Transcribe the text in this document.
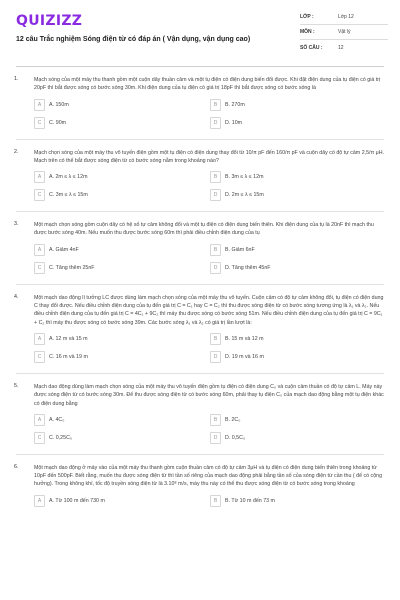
QUIZIZZ
12 câu Trắc nghiệm Sóng điện từ có đáp án ( Vận dụng, vận dụng cao)
LỚP :	Lớp 12
MÔN :	Vật lý
SỐ CÂU :	12
1.	Mạch sóng của một máy thu thanh gồm một cuộn dây thuần cảm và một tụ điện có điện dung biến đổi được. Khi đặt điện dung của tụ điện có giá trị 20pF thì bắt được sóng có bước sóng 30m. Khi điện dung của tụ điện có giá trị 18pF thì bắt được sóng có bước sóng là
A	A. 150m	B	B. 270m
C	C. 90m	D	D. 10m
2.	Mạch chọn sóng của một máy thu vô tuyến điện gồm một tụ điện có điện dung thay đổi từ 10/π pF đến 160/π pF và cuộn dây có độ tự cảm 2,5/π μH. Mạch trên có thể bắt được sóng điện từ có bước sóng nằm trong khoảng nào?
A	A. 2m ≤ λ ≤ 12m	B	B. 3m ≤ λ ≤ 12m
C	C. 3m ≤ λ ≤ 15m	D	D. 2m ≤ λ ≤ 15m
3.	Một mạch chọn sóng gồm cuộn dây có hệ số tự cảm không đổi và một tụ điện có điện dung biến thiên. Khi điện dung của tụ là 20nF thì mạch thu được bước sóng 40m. Nếu muốn thu được bước sóng 60m thì phải điều chỉnh điện dung của tụ
A	A. Giảm 4nF	B	B. Giảm 6nF
C	C. Tăng thêm 25nF	D	D. Tăng thêm 45nF
4.	Một mạch dao động lí tưởng LC được dùng làm mạch chọn sóng của một máy thu vô tuyến. Cuộn cảm có độ tự cảm không đổi, tụ điện có điện dung C thay đổi được. Nếu điều chỉnh điện dung của tụ đến giá trị C = C₁ hay C = C₂ thì thu được sóng điện từ có bước sóng tương ứng là λ₁ và λ₂. Nếu điều chỉnh điện dung của tụ đến giá trị C = 4C₁ + 9C₂ thì máy thu được sóng có bước sóng 51m. Nếu điều chỉnh điện dung của tụ đến giá trị C = 9C₁ + C₂ thì máy thu được sóng có bước sóng 39m. Các bước sóng λ₁ và λ₂ có giá trị lần lượt là:
A	A. 12 m và 15 m	B	B. 15 m và 12 m
C	C. 16 m và 19 m	D	D. 19 m và 16 m
5.	Mạch dao động dùng làm mạch chọn sóng của một máy thu vô tuyến điện gồm tụ điện có điện dung C₀ và cuộn cảm thuần có độ tự cảm L. Máy này được sóng điện từ có bước sóng 30m. Để thu được sóng điện từ có bước sóng 60m, phải thay tụ điện C₀ của mạch dao động bằng một tụ điện khác có điện dung bằng
A	A. 4C₀	B	B. 2C₀
C	C. 0,25C₀	D	D. 0,5C₀
6.	Một mạch dao động ở máy vào của một máy thu thanh gồm cuộn thuần cảm có độ tự cảm 3μH và tụ điện có điện dung biến thiên trong khoảng từ 10pF đến 500pF. Biết rằng, muốn thu được sóng điện từ thì tần số riêng của mạch dao động phải bằng tần số của sóng điện từ cần thu ( để có cộng hưởng). Trong không khí, tốc độ truyền sóng điện từ là 3.10⁸ m/s, máy thu này có thể thu được sóng điện từ có bước sóng trong khoảng
A	A. Từ 100 m đến 730 m	B	B. Từ 10 m đến 73 m
